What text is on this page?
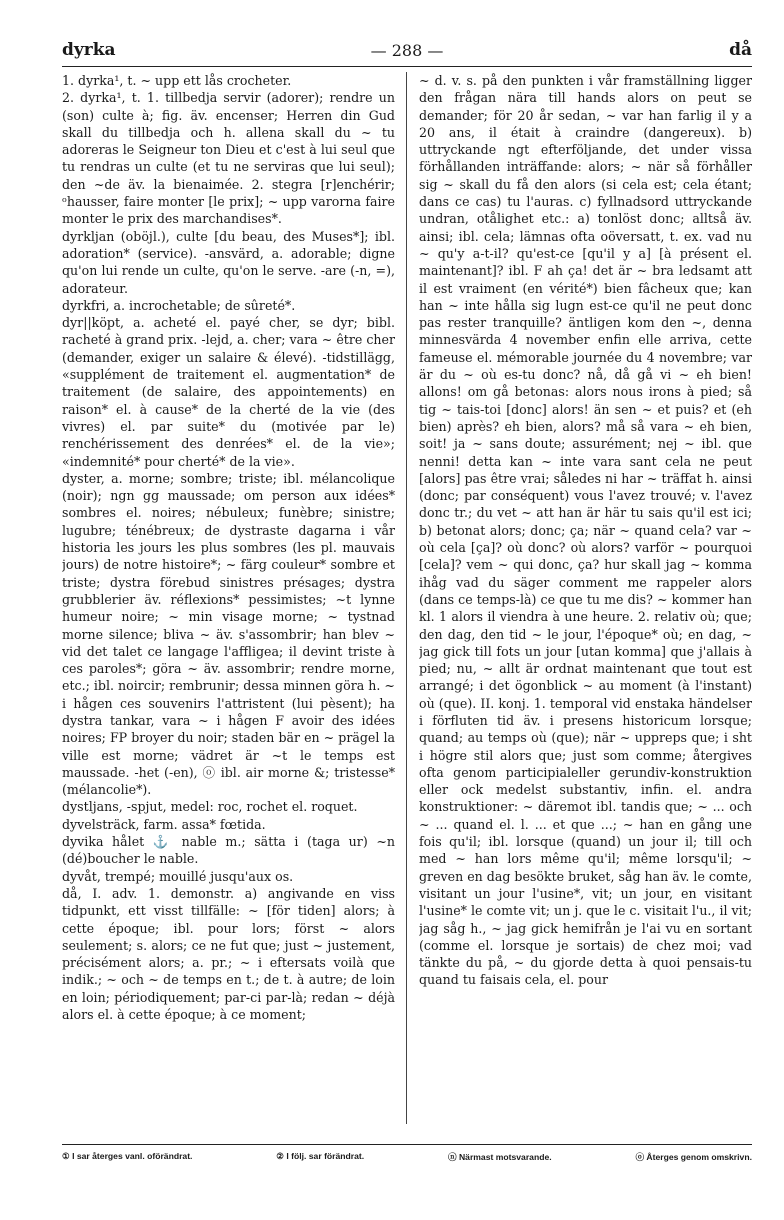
dyrka	— 288 —	då

1. dyrka¹, t. ~ upp ett lås crocheter.

2. dyrka¹, t. 1. tillbedja servir (adorer); rendre un (son) culte à; fig. äv. encenser; Herren din Gud skall du tillbedja och h. allena skall du ~ tu adoreras le Seigneur ton Dieu et c'est à lui seul que tu rendras un culte (et tu ne serviras que lui seul); den ~de äv. la bienaimée. 2. stegra [r]enchérir; ᵒhausser, faire monter [le prix]; ~ upp varorna faire monter le prix des marchandises*.

dyrkljan (oböjl.), culte [du beau, des Muses*]; ibl. adoration* (service). -ansvärd, a. adorable; digne qu'on lui rende un culte, qu'on le serve. -are (-n, =), adorateur.

dyrkfri, a. incrochetable; de sûreté*.

dyr||köpt, a. acheté el. payé cher, se dyr; bibl. racheté à grand prix. -lejd, a. cher; vara ~ être cher (demander, exiger un salaire & élevé). -tidstillägg, «supplément de traitement el. augmentation* de traitement (de salaire, des appointements) en raison* el. à cause* de la cherté de la vie (des vivres) el. par suite* du (motivée par le) renchérissement des denrées* el. de la vie»; «indemnité* pour cherté* de la vie».

dyster, a. morne; sombre; triste; ibl. mélancolique (noir); ngn gg maussade; om person aux idées* sombres el. noires; nébuleux; funèbre; sinistre; lugubre; ténébreux; de dystraste dagarna i vår historia les jours les plus sombres (les pl. mauvais jours) de notre histoire*; ~ färg couleur* sombre et triste; dystra förebud sinistres présages; dystra grubblerier äv. réflexions* pessimistes; ~t lynne humeur noire; ~ min visage morne; ~ tystnad morne silence; bliva ~ äv. s'assombrir; han blev ~ vid det talet ce langage l'affligea; il devint triste à ces paroles*; göra ~ äv. assombrir; rendre morne, etc.; ibl. noircir; rembrunir; dessa minnen göra h. ~ i hågen ces souvenirs l'attristent (lui pèsent); ha dystra tankar, vara ~ i hågen F avoir des idées noires; FP broyer du noir; staden bär en ~ prägel la ville est morne; vädret är ~t le temps est maussade. -het (-en), ⓞ ibl. air morne &; tristesse* (mélancolie*).

dystljans, -spjut, medel: roc, rochet el. roquet.

dyvelsträck, farm. assa* fœtida.

dyvika hålet ⚓ nable m.; sätta i (taga ur) ~n (dé)boucher le nable.

dyvåt, trempé; mouillé jusqu'aux os.

då, I. adv. 1. demonstr. a) angivande en viss tidpunkt, ett visst tillfälle: ~ [för tiden] alors; à cette époque; ibl. pour lors; först ~ alors seulement; s. alors; ce ne fut que; just ~ justement, précisément alors; a. pr.; ~ i eftersats voilà que indik.; ~ och ~ de temps en t.; de t. à autre; de loin en loin; périodiquement; par-ci par-là; redan ~ déjà alors el. à cette époque; à ce moment;

~ d. v. s. på den punkten i vår framställning ligger den frågan nära till hands alors on peut se demander; för 20 år sedan, ~ var han farlig il y a 20 ans, il était à craindre (dangereux). b) uttryckande ngt efterföljande, det under vissa förhållanden inträffande: alors; ~ när så förhåller sig ~ skall du få den alors (si cela est; cela étant; dans ce cas) tu l'auras. c) fyllnadsord uttryckande undran, otålighet etc.: a) tonlöst donc; alltså äv. ainsi; ibl. cela; lämnas ofta oöversatt, t. ex. vad nu ~ qu'y a-t-il? qu'est-ce [qu'il y a] [à présent el. maintenant]? ibl. F ah ça! det är ~ bra ledsamt att il est vraiment (en vérité*) bien fâcheux que; kan han ~ inte hålla sig lugn est-ce qu'il ne peut donc pas rester tranquille? äntligen kom den ~, denna minnesvärda 4 november enfin elle arriva, cette fameuse el. mémorable journée du 4 novembre; var är du ~ où es-tu donc? nå, då gå vi ~ eh bien! allons! om gå betonas: alors nous irons à pied; så tig ~ tais-toi [donc] alors! än sen ~ et puis? et (eh bien) après? eh bien, alors? må så vara ~ eh bien, soit! ja ~ sans doute; assurément; nej ~ ibl. que nenni! detta kan ~ inte vara sant cela ne peut [alors] pas être vrai; således ni har ~ träffat h. ainsi (donc; par conséquent) vous l'avez trouvé; v. l'avez donc tr.; du vet ~ att han är här tu sais qu'il est ici; b) betonat alors; donc; ça; när ~ quand cela? var ~ où cela [ça]? où donc? où alors? varför ~ pourquoi [cela]? vem ~ qui donc, ça? hur skall jag ~ komma ihåg vad du säger comment me rappeler alors (dans ce temps-là) ce que tu me dis? ~ kommer han kl. 1 alors il viendra à une heure. 2. relativ où; que; den dag, den tid ~ le jour, l'époque* où; en dag, ~ jag gick till fots un jour [utan komma] que j'allais à pied; nu, ~ allt är ordnat maintenant que tout est arrangé; i det ögonblick ~ au moment (à l'instant) où (que). II. konj. 1. temporal vid enstaka händelser i förfluten tid äv. i presens historicum lorsque; quand; au temps où (que); när ~ uppreps que; i sht i högre stil alors que; just som comme; återgives ofta genom participialeller gerundiv-konstruktion eller ock medelst substantiv, infin. el. andra konstruktioner: ~ däremot ibl. tandis que; ~ ... och ~ ... quand el. l. ... et que ...; ~ han en gång une fois qu'il; ibl. lorsque (quand) un jour il; till och med ~ han lors même qu'il; même lorsqu'il; ~ greven en dag besökte bruket, såg han äv. le comte, visitant un jour l'usine*, vit; un jour, en visitant l'usine* le comte vit; un j. que le c. visitait l'u., il vit; jag såg h., ~ jag gick hemifrån je l'ai vu en sortant (comme el. lorsque je sortais) de chez moi; vad tänkte du på, ~ du gjorde detta à quoi pensais-tu quand tu faisais cela, el. pour

① I sar återges vanl. oförändrat.	② I följ. sar förändrat.	ⓝ Närmast motsvarande.	ⓞ Återges genom omskrivn.
